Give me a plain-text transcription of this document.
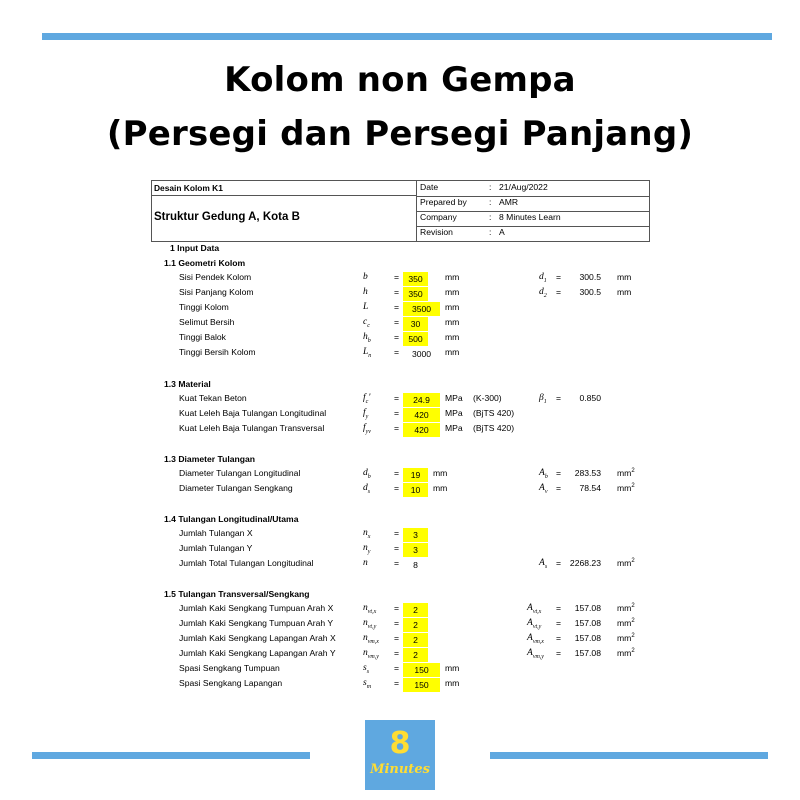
Kolom non Gempa
(Persegi dan Persegi Panjang)
Desain Kolom K1
Struktur Gedung A, Kota B
Date	: 21/Aug/2022
Prepared by	: AMR
Company	: 8 Minutes Learn
Revision	: A
1 Input Data
1.1 Geometri Kolom
Sisi Pendek Kolom	b	=	350	mm	$d_1$ =	300.5 mm
Sisi Panjang Kolom	h	=	350	mm	$d_2$ =	300.5 mm
Tinggi Kolom	L	=	3500	mm
Selimut Bersih	$c_c$	=	30	mm
Tinggi Balok	$h_b$	=	500	mm
Tinggi Bersih Kolom	$L_n$	=	3000	mm
1.3 Material
Kuat Tekan Beton	$f_c'$	=	24.9	MPa (K-300)	$\beta_1$ =	0.850
Kuat Leleh Baja Tulangan Longitudinal	$f_y$	=	420	MPa (BjTS 420)
Kuat Leleh Baja Tulangan Transversal	$f_{yv}$	=	420	MPa (BjTS 420)
1.3 Diameter Tulangan
Diameter Tulangan Longitudinal	$d_b$	=	19	mm	$A_b$ =	283.53 $mm^2$
Diameter Tulangan Sengkang	$d_s$	=	10	mm	$A_v$ =	78.54 $mm^2$
1.4 Tulangan Longitudinal/Utama
Jumlah Tulangan X	$n_x$	=	3
Jumlah Tulangan Y	$n_y$	=	3
Jumlah Total Tulangan Longitudinal	n	=	8	$A_s$ =	2268.23 $mm^2$
1.5 Tulangan Transversal/Sengkang
Jumlah Kaki Sengkang Tumpuan Arah X	$n_{vt,x}$ =	2	$A_{vt,x}$ =	157.08 $mm^2$
Jumlah Kaki Sengkang Tumpuan Arah Y	$n_{vt,y}$ =	2	$A_{vt,y}$ =	157.08 $mm^2$
Jumlah Kaki Sengkang Lapangan Arah X	$n_{vm,x}$ =	2	$A_{vm,x}$ =	157.08 $mm^2$
Jumlah Kaki Sengkang Lapangan Arah Y	$n_{vm,y}$ =	2	$A_{vm,y}$ =	157.08 $mm^2$
Spasi Sengkang Tumpuan	$s_s$	=	150	mm
Spasi Sengkang Lapangan	$s_m$	=	150	mm
8
Minutes
